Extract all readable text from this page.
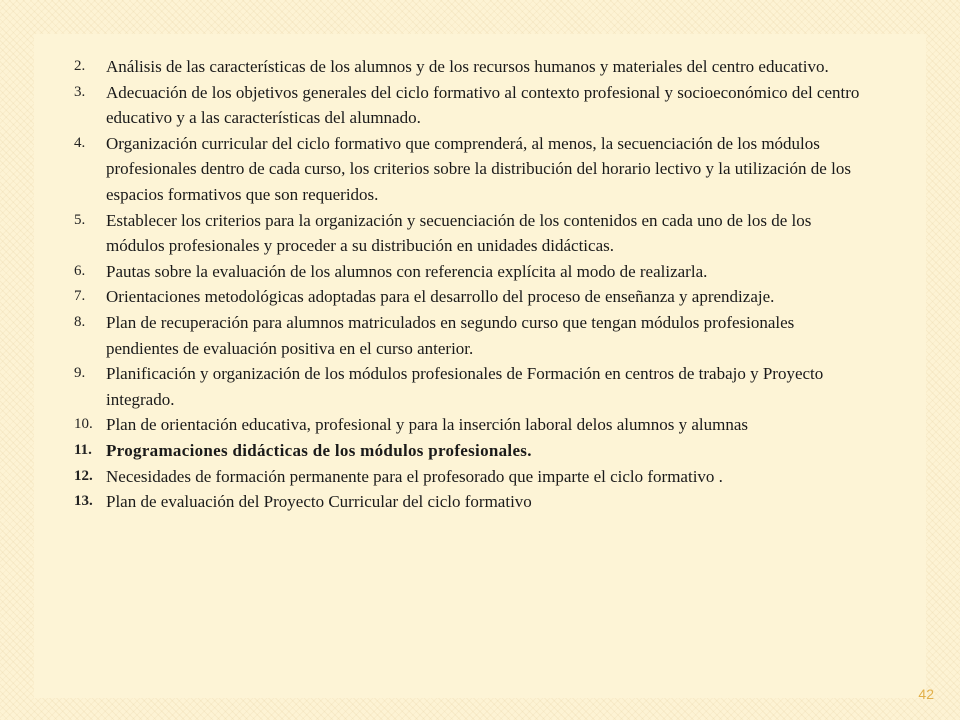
2. Análisis de las características de los alumnos y de los recursos humanos y materiales del centro educativo.
3. Adecuación de los objetivos generales del ciclo formativo al contexto profesional y socioeconómico del centro educativo y a las características del alumnado.
4. Organización curricular del ciclo formativo que comprenderá, al menos, la secuenciación de los módulos profesionales dentro de cada curso, los criterios sobre la distribución del horario lectivo y la utilización de los espacios formativos que son requeridos.
5. Establecer los criterios para la organización y secuenciación de los contenidos en cada uno de los de los módulos profesionales y proceder a su distribución en unidades didácticas.
6. Pautas sobre la evaluación de los alumnos con referencia explícita al modo de realizarla.
7. Orientaciones metodológicas adoptadas para el desarrollo del proceso de enseñanza y aprendizaje.
8. Plan de recuperación para alumnos matriculados en segundo curso que tengan módulos profesionales pendientes de evaluación positiva en el curso anterior.
9. Planificación y organización de los módulos profesionales de Formación en centros de trabajo y Proyecto integrado.
10. Plan de orientación educativa, profesional y para la inserción laboral delos alumnos y alumnas
11. Programaciones didácticas de los módulos profesionales.
12. Necesidades de formación permanente para el profesorado que imparte el ciclo formativo .
13. Plan de evaluación del Proyecto Curricular del ciclo formativo
42
